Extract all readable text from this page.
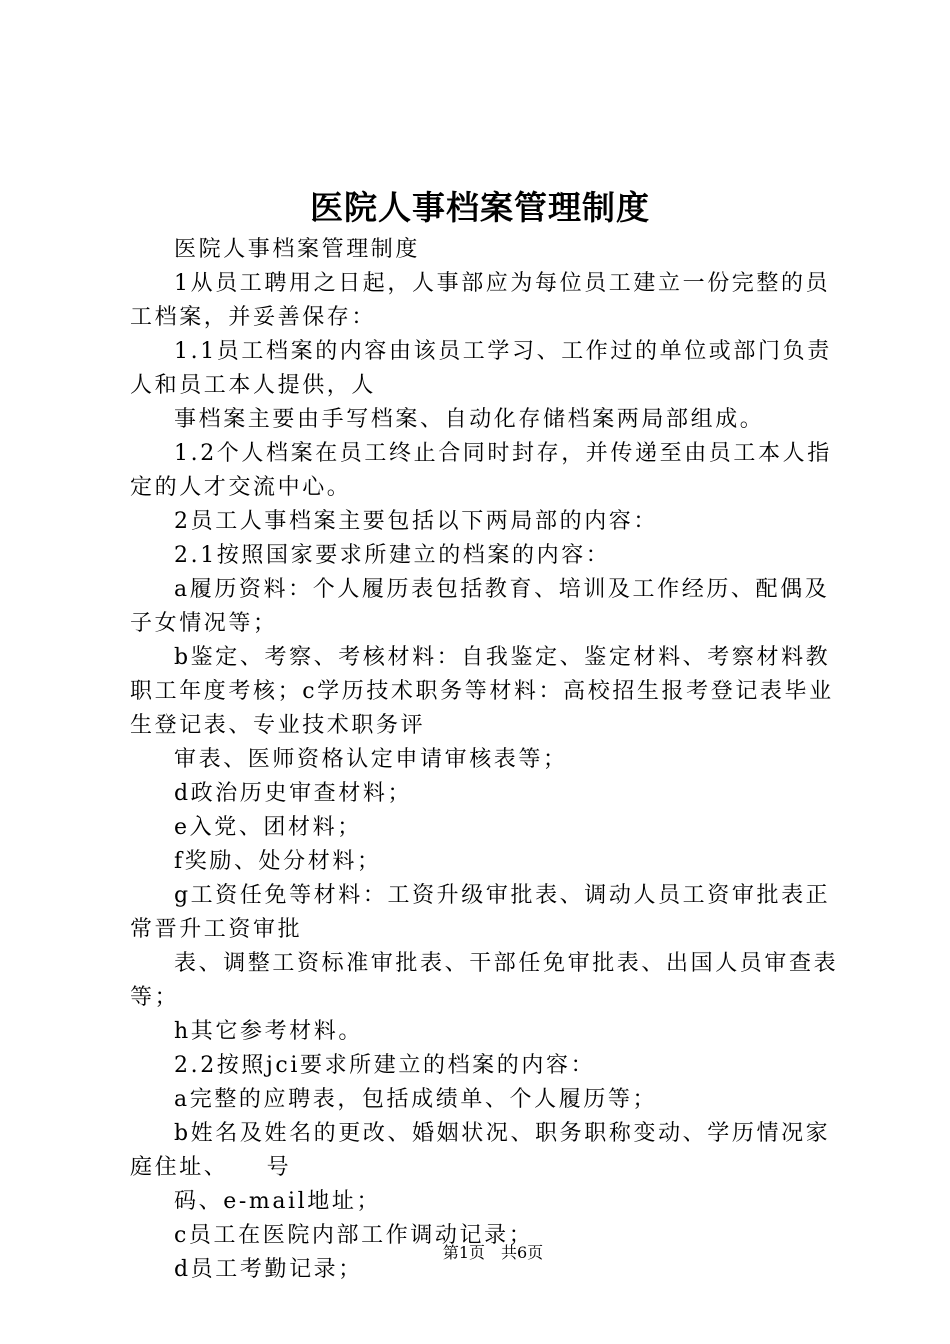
医院人事档案管理制度

医院人事档案管理制度

1从员工聘用之日起，人事部应为每位员工建立一份完整的员工档案，并妥善保存：

1.1员工档案的内容由该员工学习、工作过的单位或部门负责人和员工本人提供，人

事档案主要由手写档案、自动化存储档案两局部组成。

1.2个人档案在员工终止合同时封存，并传递至由员工本人指定的人才交流中心。

2员工人事档案主要包括以下两局部的内容：

2.1按照国家要求所建立的档案的内容：

a履历资料：个人履历表包括教育、培训及工作经历、配偶及子女情况等；

b鉴定、考察、考核材料：自我鉴定、鉴定材料、考察材料教职工年度考核；c学历技术职务等材料：高校招生报考登记表毕业生登记表、专业技术职务评

审表、医师资格认定申请审核表等；

d政治历史审查材料；

e入党、团材料；

f奖励、处分材料；

g工资任免等材料：工资升级审批表、调动人员工资审批表正常晋升工资审批

表、调整工资标准审批表、干部任免审批表、出国人员审查表等；

h其它参考材料。

2.2按照jci要求所建立的档案的内容：

a完整的应聘表，包括成绩单、个人履历等；

b姓名及姓名的更改、婚姻状况、职务职称变动、学历情况家庭住址、　　号

码、e-mail地址；

c员工在医院内部工作调动记录；

d员工考勤记录；

第1页　共6页
